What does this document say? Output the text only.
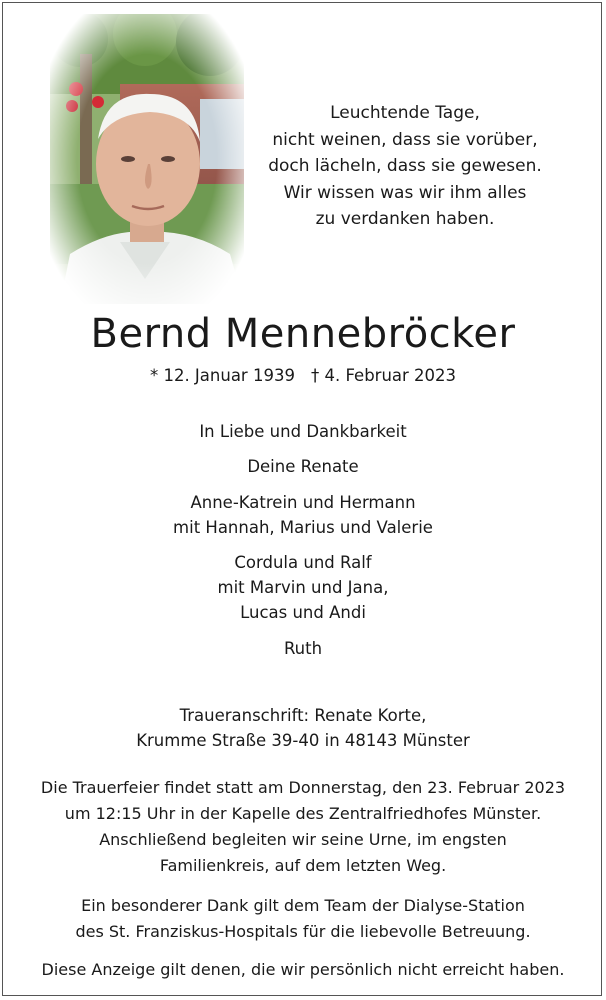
Leuchtende Tage,
nicht weinen, dass sie vorüber,
doch lächeln, dass sie gewesen.
Wir wissen was wir ihm alles
zu verdanken haben.
Bernd Mennebröcker
* 12. Januar 1939 † 4. Februar 2023
In Liebe und Dankbarkeit
Deine Renate
Anne-Katrein und Hermann
mit Hannah, Marius und Valerie
Cordula und Ralf
mit Marvin und Jana,
Lucas und Andi
Ruth
Traueranschrift: Renate Korte,
Krumme Straße 39-40 in 48143 Münster
Die Trauerfeier findet statt am Donnerstag, den 23. Februar 2023
um 12:15 Uhr in der Kapelle des Zentralfriedhofes Münster.
Anschließend begleiten wir seine Urne, im engsten
Familienkreis, auf dem letzten Weg.
Ein besonderer Dank gilt dem Team der Dialyse-Station
des St. Franziskus-Hospitals für die liebevolle Betreuung.
Diese Anzeige gilt denen, die wir persönlich nicht erreicht haben.
